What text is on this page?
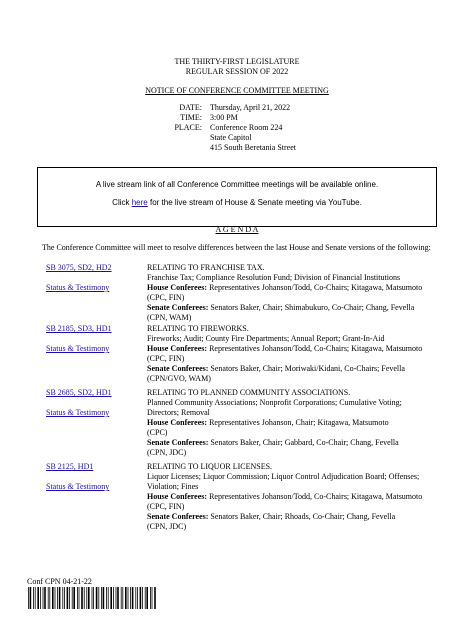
THE THIRTY-FIRST LEGISLATURE
REGULAR SESSION OF 2022
NOTICE OF CONFERENCE COMMITTEE MEETING
DATE: Thursday, April 21, 2022
TIME: 3:00 PM
PLACE: Conference Room 224
State Capitol
415 South Beretania Street
A live stream link of all Conference Committee meetings will be available online.
Click here for the live stream of House & Senate meeting via YouTube.
A G E N D A
The Conference Committee will meet to resolve differences between the last House and Senate versions of the following:
SB 3075, SD2, HD2
Status & Testimony
RELATING TO FRANCHISE TAX.
Franchise Tax; Compliance Resolution Fund; Division of Financial Institutions
House Conferees: Representatives Johanson/Todd, Co-Chairs; Kitagawa, Matsumoto
(CPC, FIN)
Senate Conferees: Senators Baker, Chair; Shimabukuro, Co-Chair; Chang, Fevella
(CPN, WAM)
SB 2185, SD3, HD1
Status & Testimony
RELATING TO FIREWORKS.
Fireworks; Audit; County Fire Departments; Annual Report; Grant-In-Aid
House Conferees: Representatives Johanson/Todd, Co-Chairs; Kitagawa, Matsumoto
(CPC, FIN)
Senate Conferees: Senators Baker, Chair; Moriwaki/Kidani, Co-Chairs; Fevella
(CPN/GVO, WAM)
SB 2685, SD2, HD1
Status & Testimony
RELATING TO PLANNED COMMUNITY ASSOCIATIONS.
Planned Community Associations; Nonprofit Corporations; Cumulative Voting;
Directors; Removal
House Conferees: Representatives Johanson, Chair; Kitagawa, Matsumoto
(CPC)
Senate Conferees: Senators Baker, Chair; Gabbard, Co-Chair; Chang, Fevella
(CPN, JDC)
SB 2125, HD1
Status & Testimony
RELATING TO LIQUOR LICENSES.
Liquor Licenses; Liquor Commission; Liquor Control Adjudication Board; Offenses;
Violation; Fines
House Conferees: Representatives Johanson/Todd, Co-Chairs; Kitagawa, Matsumoto
(CPC, FIN)
Senate Conferees: Senators Baker, Chair; Rhoads, Co-Chair; Chang, Fevella
(CPN, JDC)
Conf CPN 04-21-22
